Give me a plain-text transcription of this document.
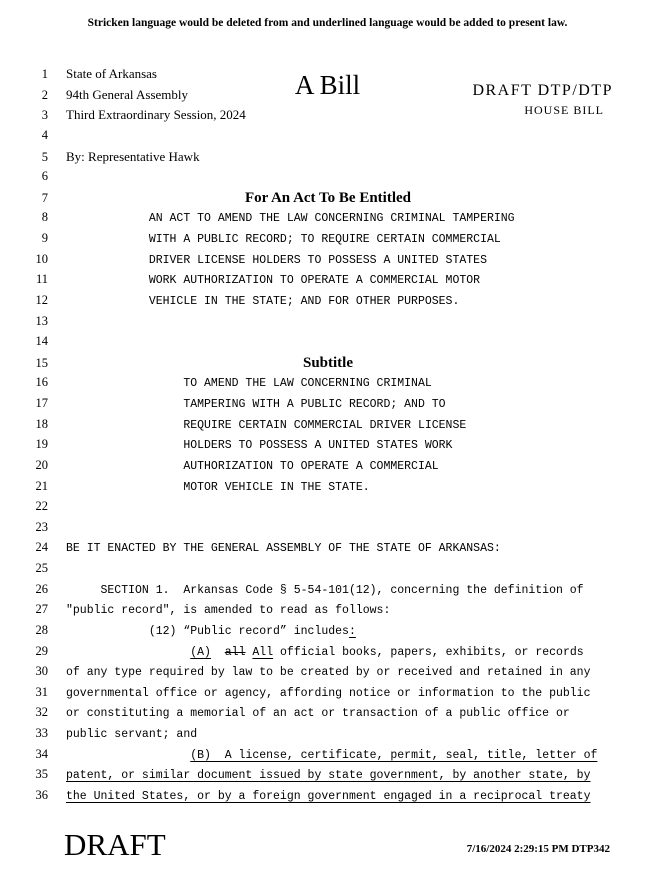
Stricken language would be deleted from and underlined language would be added to present law.
A Bill	DRAFT DTP/DTP
HOUSE BILL
1 State of Arkansas
2 94th General Assembly
3 Third Extraordinary Session, 2024
4
5 By: Representative Hawk
6
7	For An Act To Be Entitled
8 AN ACT TO AMEND THE LAW CONCERNING CRIMINAL TAMPERING
9 WITH A PUBLIC RECORD; TO REQUIRE CERTAIN COMMERCIAL
10 DRIVER LICENSE HOLDERS TO POSSESS A UNITED STATES
11 WORK AUTHORIZATION TO OPERATE A COMMERCIAL MOTOR
12 VEHICLE IN THE STATE; AND FOR OTHER PURPOSES.
13
14
15	Subtitle
16 TO AMEND THE LAW CONCERNING CRIMINAL
17 TAMPERING WITH A PUBLIC RECORD; AND TO
18 REQUIRE CERTAIN COMMERCIAL DRIVER LICENSE
19 HOLDERS TO POSSESS A UNITED STATES WORK
20 AUTHORIZATION TO OPERATE A COMMERCIAL
21 MOTOR VEHICLE IN THE STATE.
22
23
24 BE IT ENACTED BY THE GENERAL ASSEMBLY OF THE STATE OF ARKANSAS:
25
26 SECTION 1.  Arkansas Code § 5-54-101(12), concerning the definition of
27 "public record", is amended to read as follows:
28 (12) “Public record” includes:
29	(A) all All official books, papers, exhibits, or records
30 of any type required by law to be created by or received and retained in any
31 governmental office or agency, affording notice or information to the public
32 or constituting a memorial of an act or transaction of a public office or
33 public servant; and
34	(B)  A license, certificate, permit, seal, title, letter of
35 patent, or similar document issued by state government, by another state, by
36 the United States, or by a foreign government engaged in a reciprocal treaty
DRAFT	7/16/2024 2:29:15 PM DTP342
